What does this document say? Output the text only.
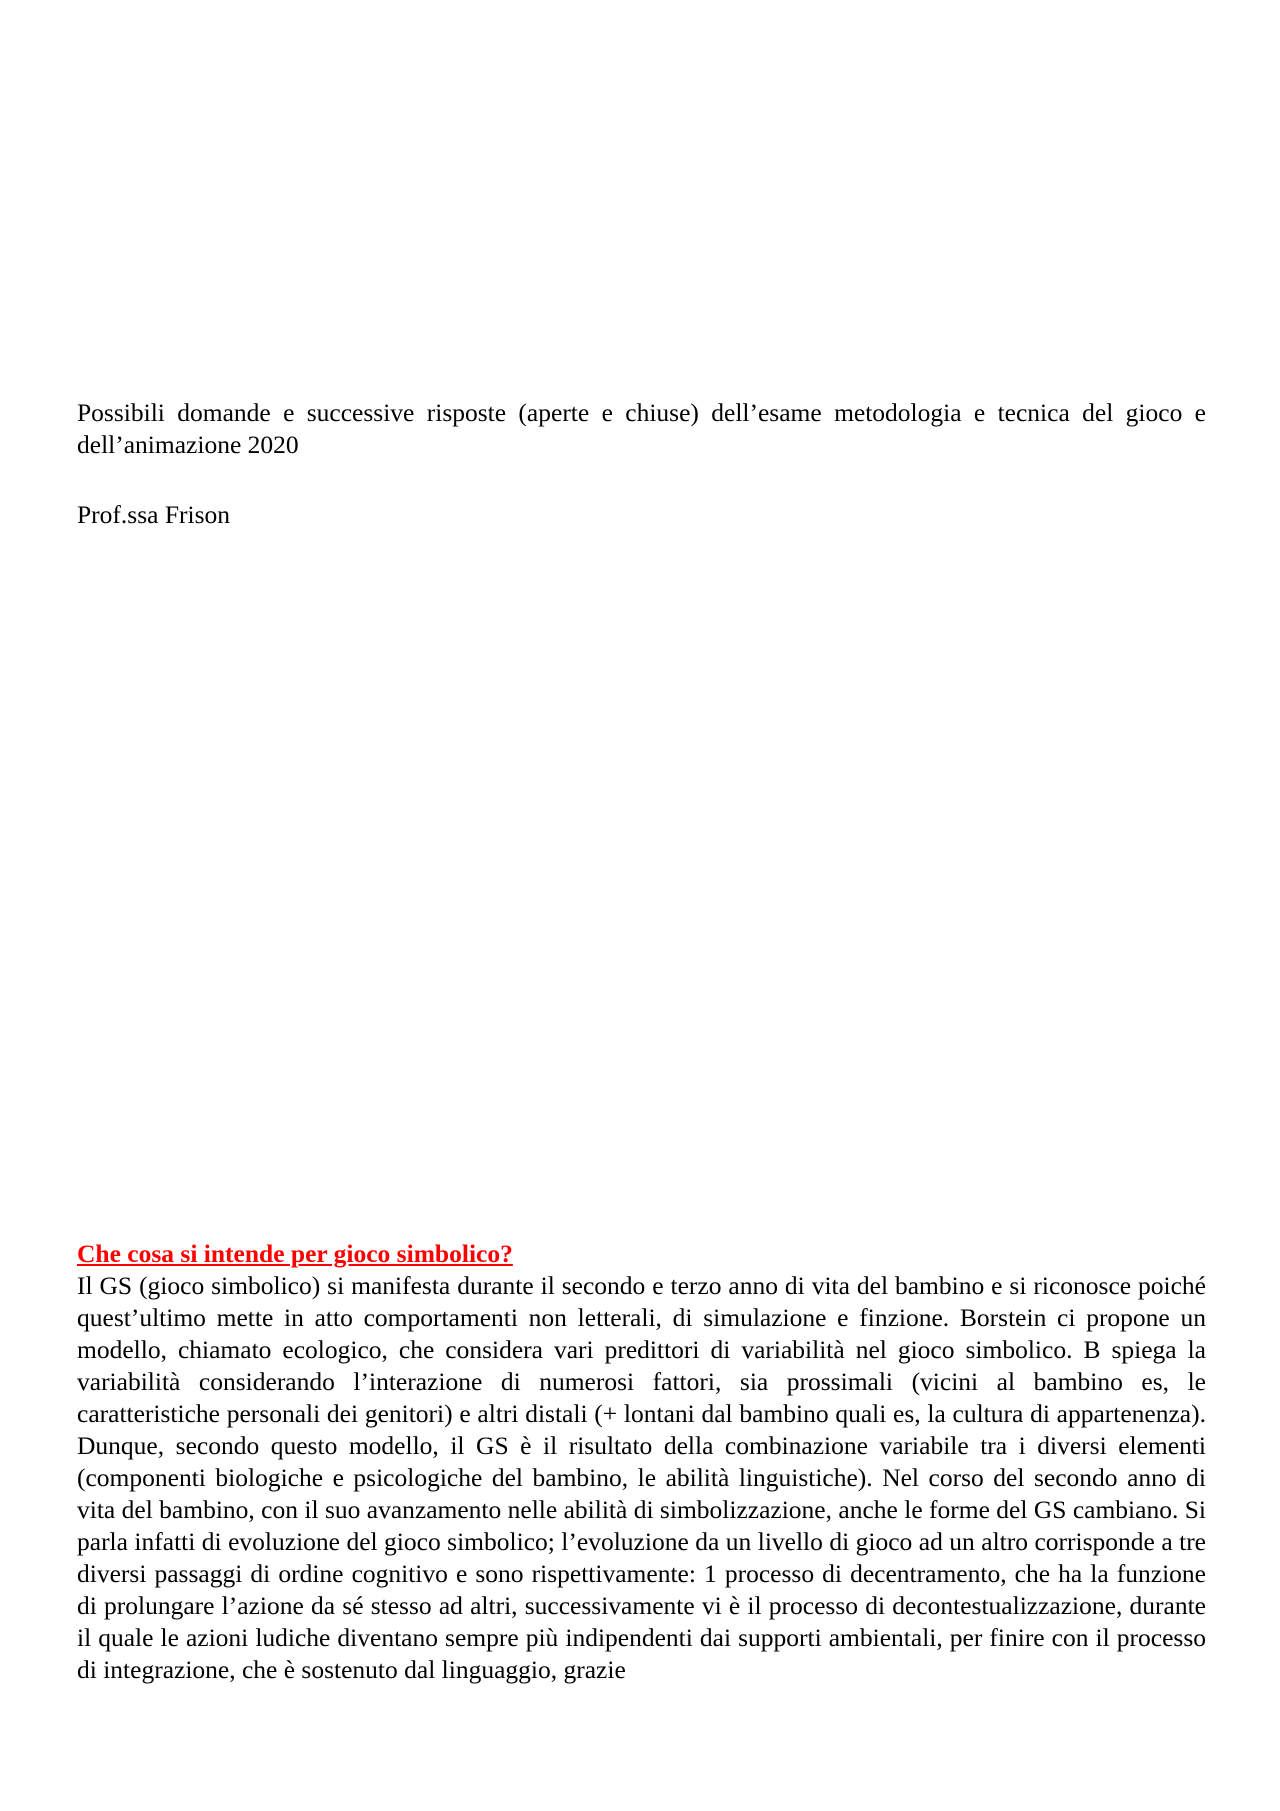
Possibili domande e successive risposte (aperte e chiuse) dell’esame metodologia e tecnica del gioco e dell’animazione 2020

Prof.ssa Frison

Che cosa si intende per gioco simbolico?

Il GS (gioco simbolico) si manifesta durante il secondo e terzo anno di vita del bambino e si riconosce poiché quest’ultimo mette in atto comportamenti non letterali, di simulazione e finzione. Borstein ci propone un modello, chiamato ecologico, che considera vari predittori di variabilità nel gioco simbolico. B spiega la variabilità considerando l’interazione di numerosi fattori, sia prossimali (vicini al bambino es, le caratteristiche personali dei genitori) e altri distali (+ lontani dal bambino quali es, la cultura di appartenenza). Dunque, secondo questo modello, il GS è il risultato della combinazione variabile tra i diversi elementi (componenti biologiche e psicologiche del bambino, le abilità linguistiche). Nel corso del secondo anno di vita del bambino, con il suo avanzamento nelle abilità di simbolizzazione, anche le forme del GS cambiano. Si parla infatti di evoluzione del gioco simbolico; l’evoluzione da un livello di gioco ad un altro corrisponde a tre diversi passaggi di ordine cognitivo e sono rispettivamente: 1 processo di decentramento, che ha la funzione di prolungare l’azione da sé stesso ad altri, successivamente vi è il processo di decontestualizzazione, durante il quale le azioni ludiche diventano sempre più indipendenti dai supporti ambientali, per finire con il processo di integrazione, che è sostenuto dal linguaggio, grazie
